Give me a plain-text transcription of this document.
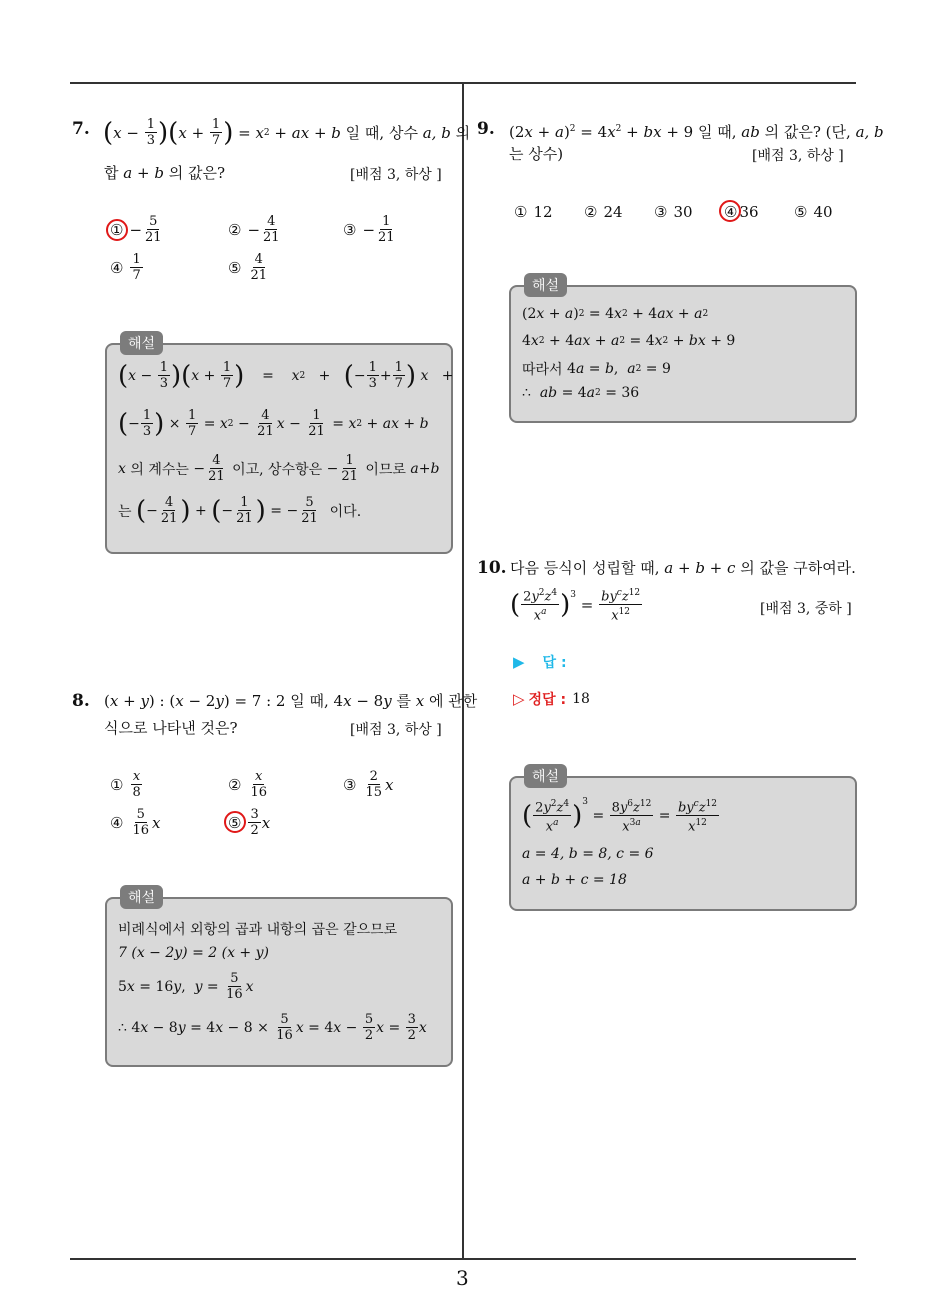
3
7. ( $x - \frac{1}{3}$ ) ( $x + \frac{1}{7}$ ) = x 2 + ax + b
일 때, 상수
a, b
의
합 a + b 의 값은?	[배점 3, 하상 ]
① − $\frac{5}{21}$	② − $\frac{4}{21}$	③ − $\frac{1}{21}$
④ $\frac{1}{7}$	⑤ $\frac{4}{21}$
해설
( $x - \frac{1}{3}$ ) ( $x + \frac{1}{7}$ ) = x 2 + ( − $\frac{1}{3} + \frac{1}{7}$ )
x +
( − $\frac{1}{3}$ ) × $\frac{1}{7} = x$ $2 - \frac{4}{21}$ $x - \frac{1}{21} = x$ 2 + ax + b
x
의 계수는 − $\frac{4}{21}$
이고, 상수항은 − $\frac{1}{21}$
이므로
a + b
는
( − $\frac{4}{21}$ ) + ( − $\frac{1}{21}$ ) = − $\frac{5}{21}$
이다.
8. (x + y) : (x − 2y) = 7 : 2 일 때, 4x − 8y 를 x 에 관한
식으로 나타낸 것은?	[배점 3, 하상 ]
① $\frac{x}{8}$	② $\frac{x}{16}$	③ $\frac{2}{15}$ x
④ $\frac{5}{16}$ x	⑤ $\frac{3}{2}$ x
해설
비례식에서 외항의 곱과 내항의 곱은 같으므로
7 (x − 2y) = 2 (x + y)
5 x = 16 y , $y = \frac{5}{16}$ x
∴ 4 x − 8 y = 4 $x - 8 \times \frac{5}{16}$ x = 4 $x - \frac{5}{2}$ $x = \frac{3}{2}$ x
9. $(2x + a)^2 = 4x^2$ + bx + 9 일 때, ab 의 값은? (단, a, b
는 상수)	[배점 3, 하상 ]
① 12 ② 24 ③ 30 ④ 36 ⑤ 40
해설
(2 x + a ) 2 = 4 x 2 + 4 ax + a 2
4 x 2 + 4 ax + a 2 = 4 x 2 + bx + 9
따라서 4 a = b , a 2 = 9
∴ ab = 4 a 2 = 36
10. 다음 등식이 성립할 때, a + b + c 의 값을 구하여라.
( $\frac{2y^2z^4}{x^a} )^3$
= $\frac{by^cz^{12}}{x^{12}}$	[배점 3, 중하 ]
▶ 답 :
▷ 정답 : 18
해설
( $\frac{2y^2z^4}{x^a} )^3$
= $\frac{8y^6z^{12}}{x^{3a}} = \frac{by^cz^{12}}{x^{12}}$
a = 4, b = 8, c = 6
a + b + c = 18
